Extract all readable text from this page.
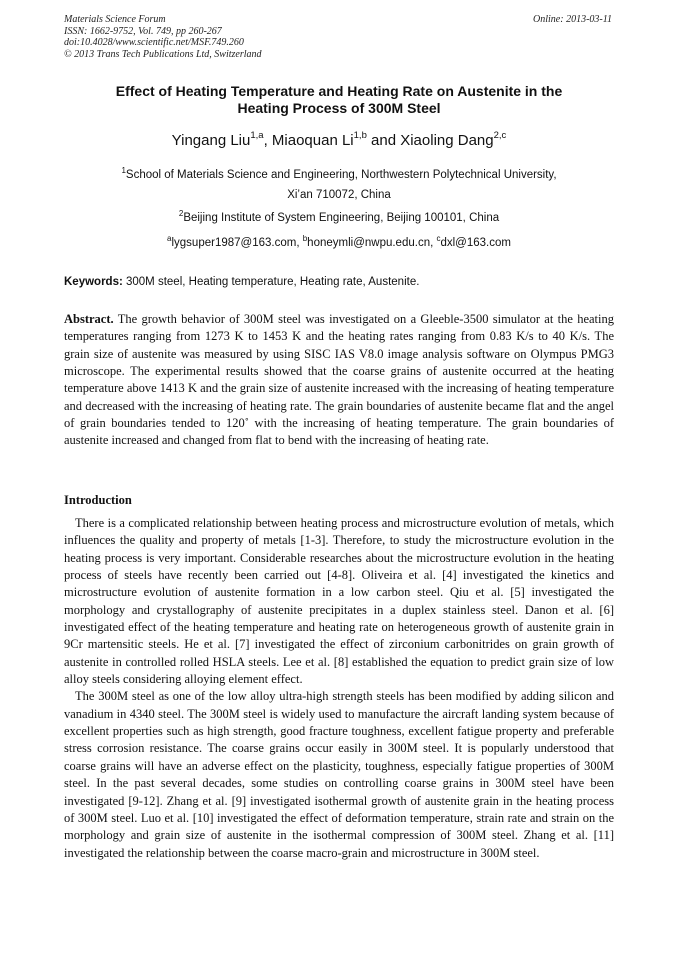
Materials Science Forum
ISSN: 1662-9752, Vol. 749, pp 260-267
doi:10.4028/www.scientific.net/MSF.749.260
© 2013 Trans Tech Publications Ltd, Switzerland
Online: 2013-03-11
Effect of Heating Temperature and Heating Rate on Austenite in the
Heating Process of 300M Steel
Yingang Liu$^{1,a}$, Miaoquan Li$^{1,b}$ and Xiaoling Dang$^{2,c}$
$^1$School of Materials Science and Engineering, Northwestern Polytechnical University,
Xi’an 710072, China
$^2$Beijing Institute of System Engineering, Beijing 100101, China
$^a$lygsuper1987@163.com, $^b$honeymli@nwpu.edu.cn, $^c$dxl@163.com
Keywords: 300M steel, Heating temperature, Heating rate, Austenite.
Abstract. The growth behavior of 300M steel was investigated on a Gleeble-3500 simulator at the heating temperatures ranging from 1273 K to 1453 K and the heating rates ranging from 0.83 K/s to 40 K/s. The grain size of austenite was measured by using SISC IAS V8.0 image analysis software on Olympus PMG3 microscope. The experimental results showed that the coarse grains of austenite occurred at the heating temperature above 1413 K and the grain size of austenite increased with the increasing of heating temperature and decreased with the increasing of heating rate. The grain boundaries of austenite became flat and the angel of grain boundaries tended to 120˚ with the increasing of heating temperature. The grain boundaries of austenite increased and changed from flat to bend with the increasing of heating rate.
Introduction

There is a complicated relationship between heating process and microstructure evolution of metals, which influences the quality and property of metals [1-3]. Therefore, to study the microstructure evolution in the heating process is very important. Considerable researches about the microstructure evolution in the heating process of steels have recently been carried out [4-8]. Oliveira et al. [4] investigated the kinetics and microstructure evolution of austenite formation in a low carbon steel. Qiu et al. [5] investigated the morphology and crystallography of austenite precipitates in a duplex stainless steel. Danon et al. [6] investigated effect of the heating temperature and heating rate on heterogeneous growth of austenite grain in 9Cr martensitic steels. He et al. [7] investigated the effect of zirconium carbonitrides on grain growth of austenite in controlled rolled HSLA steels. Lee et al. [8] established the equation to predict grain size of low alloy steels considering alloying element effect.

The 300M steel as one of the low alloy ultra-high strength steels has been modified by adding silicon and vanadium in 4340 steel. The 300M steel is widely used to manufacture the aircraft landing system because of excellent properties such as high strength, good fracture toughness, excellent fatigue property and preferable stress corrosion resistance. The coarse grains occur easily in 300M steel. It is popularly understood that coarse grains will have an adverse effect on the plasticity, toughness, especially fatigue properties of 300M steel. In the past several decades, some studies on controlling coarse grains in 300M steel have been investigated [9-12]. Zhang et al. [9] investigated isothermal growth of austenite grain in the heating process of 300M steel. Luo et al. [10] investigated the effect of deformation temperature, strain rate and strain on the morphology and grain size of austenite in the isothermal compression of 300M steel. Zhang et al. [11] investigated the relationship between the coarse macro-grain and microstructure in 300M steel.
